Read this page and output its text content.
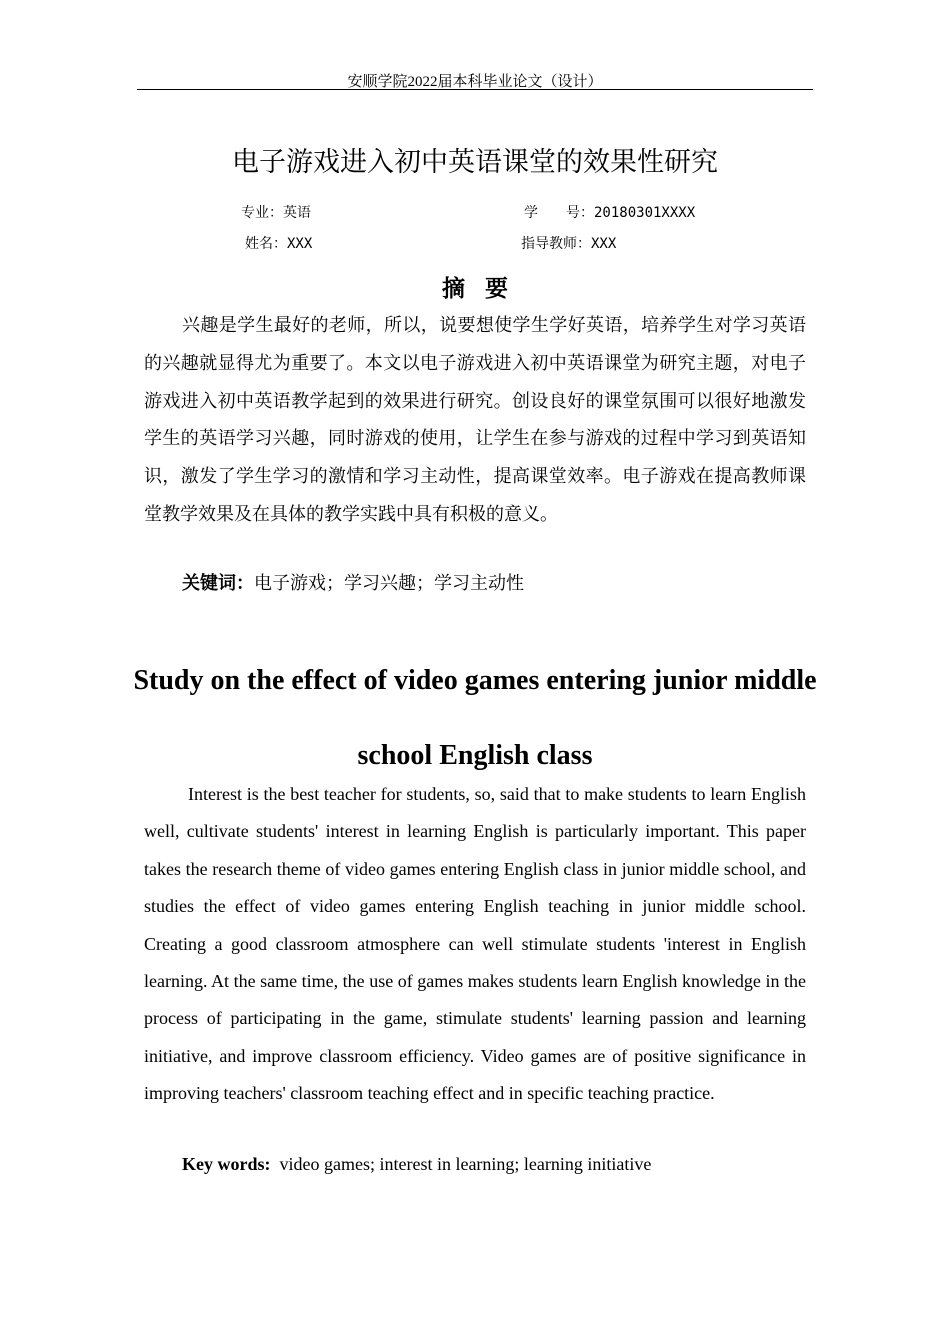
安顺学院2022届本科毕业论文（设计）
电子游戏进入初中英语课堂的效果性研究
专业：英语	学　　号：20180301XXXX
姓名：XXX	指导教师：XXX
摘要

兴趣是学生最好的老师，所以，说要想使学生学好英语，培养学生对学习英语的兴趣就显得尤为重要了。本文以电子游戏进入初中英语课堂为研究主题，对电子游戏进入初中英语教学起到的效果进行研究。创设良好的课堂氛围可以很好地激发学生的英语学习兴趣，同时游戏的使用，让学生在参与游戏的过程中学习到英语知识，激发了学生学习的激情和学习主动性，提高课堂效率。电子游戏在提高教师课堂教学效果及在具体的教学实践中具有积极的意义。

关键词：电子游戏；学习兴趣；学习主动性

Study on the effect of video games entering junior middle school English class

Interest is the best teacher for students, so, said that to make students to learn English well, cultivate students' interest in learning English is particularly important. This paper takes the research theme of video games entering English class in junior middle school, and studies the effect of video games entering English teaching in junior middle school. Creating a good classroom atmosphere can well stimulate students 'interest in English learning. At the same time, the use of games makes students learn English knowledge in the process of participating in the game, stimulate students' learning passion and learning initiative, and improve classroom efficiency. Video games are of positive significance in improving teachers' classroom teaching effect and in specific teaching practice.

Key words: video games; interest in learning; learning initiative
